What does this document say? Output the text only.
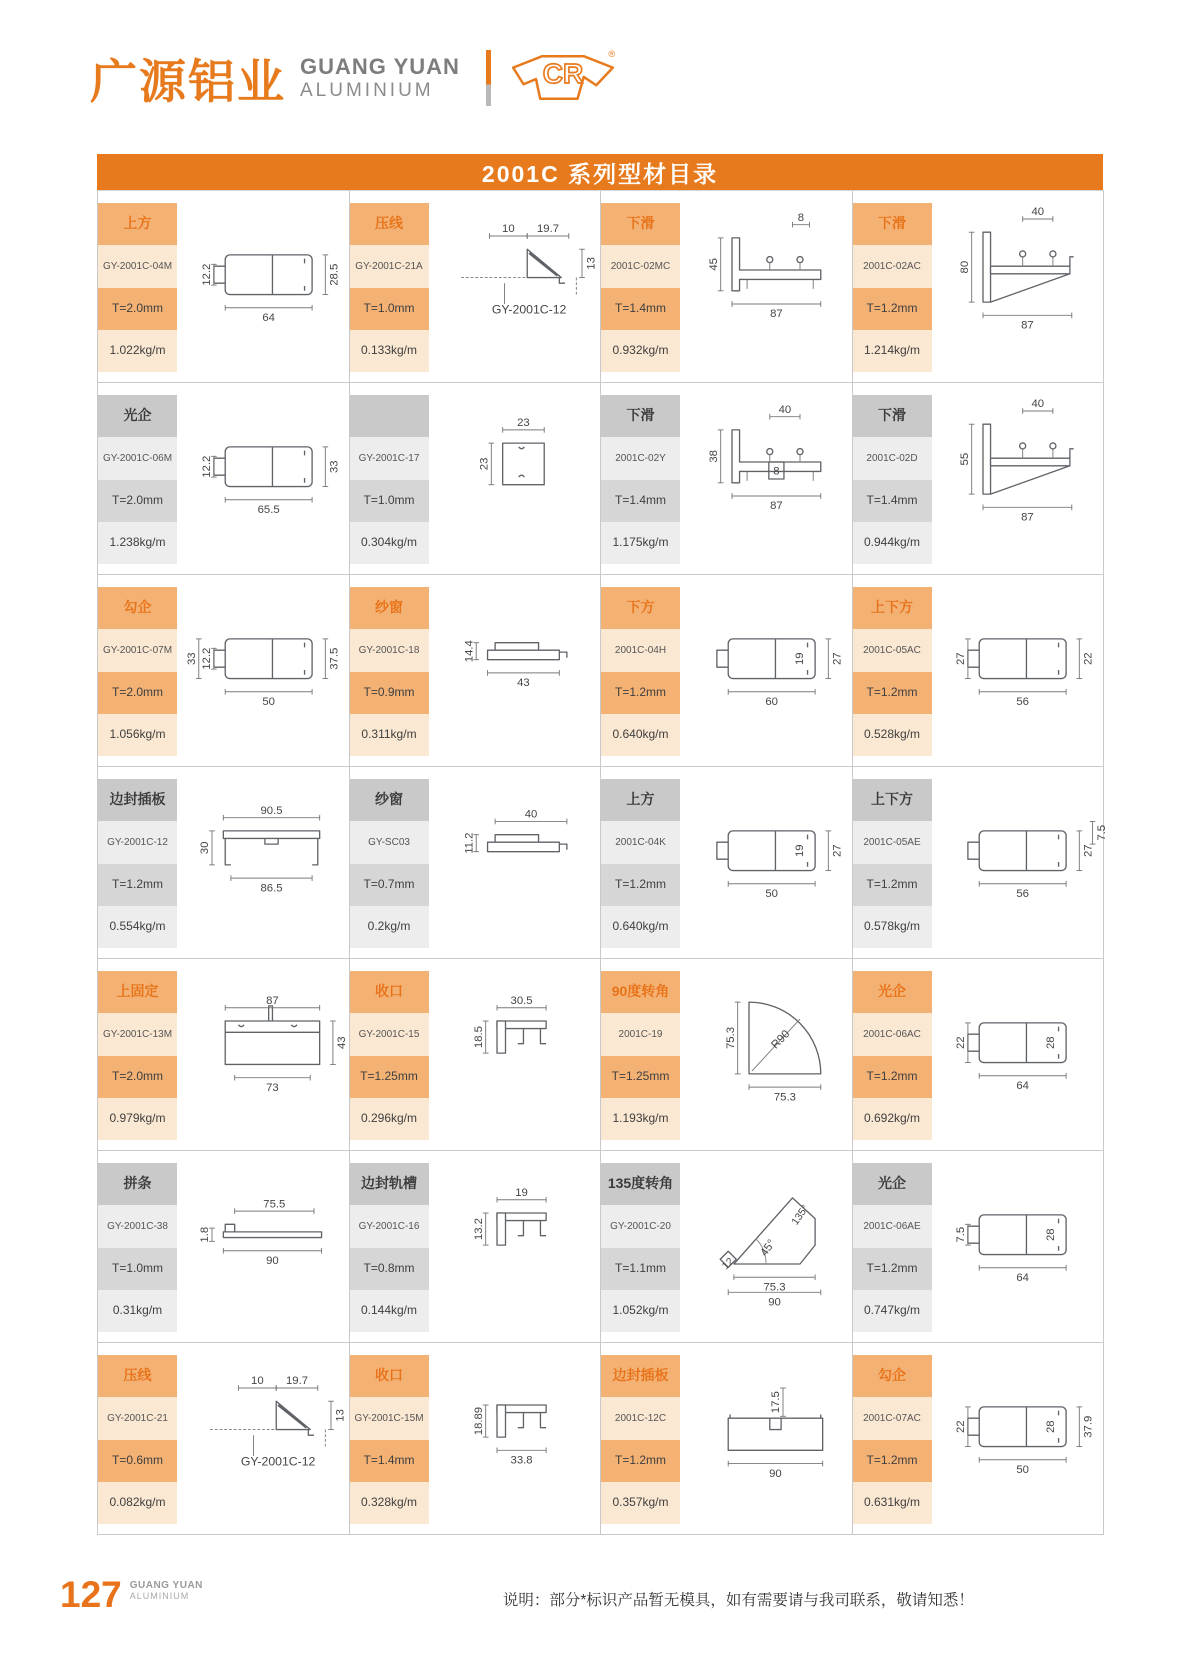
广源铝业 GUANG YUAN
ALUMINIUM
CR
®
2001C 系列型材目录
上方
GY-2001C-04M
T=2.0mm
1.022kg/m
12.2
64
28.5
压线
GY-2001C-21A
T=1.0mm
0.133kg/m
10 19.7
13
GY-2001C-12
下滑
2001C-02MC
T=1.4mm
0.932kg/m
45
8
87
下滑
2001C-02AC
T=1.2mm
1.214kg/m
80
40
87
光企
GY-2001C-06M
T=2.0mm
1.238kg/m
12.2
65.5
33
GY-2001C-17
T=1.0mm
0.304kg/m
23
23
下滑
2001C-02Y
T=1.4mm
1.175kg/m
38
40
8
87
下滑
2001C-02D
T=1.4mm
0.944kg/m
55
40
87
勾企
GY-2001C-07M
T=2.0mm
1.056kg/m
33 12.2	37.5
50
纱窗
GY-2001C-18
T=0.9mm
0.311kg/m
14.4
43
下方
2001C-04H
T=1.2mm
0.640kg/m
19 27
60
上下方
2001C-05AC
T=1.2mm
0.528kg/m
27	22
56
边封插板
GY-2001C-12
T=1.2mm
0.554kg/m
90.5
30
86.5
纱窗
GY-SC03
T=0.7mm
0.2kg/m
40
11.2
上方
2001C-04K
T=1.2mm
0.640kg/m
19 27
50
上下方
2001C-05AE
T=1.2mm
0.578kg/m
7.5
27
56
上固定
GY-2001C-13M
T=2.0mm
0.979kg/m
87
43
73
收口
GY-2001C-15
T=1.25mm
0.296kg/m
30.5
18.5
90度转角
2001C-19
T=1.25mm
1.193kg/m
75.3	R90
75.3
光企
2001C-06AC
T=1.2mm
0.692kg/m
22	28
64
拼条
GY-2001C-38
T=1.0mm
0.31kg/m
75.5
1.8
90
边封轨槽
GY-2001C-16
T=0.8mm
0.144kg/m
19
13.2
135度转角
GY-2001C-20
T=1.1mm
1.052kg/m
135°
45°
12
75.3
90
光企
2001C-06AE
T=1.2mm
0.747kg/m
7.5	28
64
压线
GY-2001C-21
T=0.6mm
0.082kg/m
10 19.7
13
GY-2001C-12
收口
GY-2001C-15M
T=1.4mm
0.328kg/m
18.89
33.8
边封插板
2001C-12C
T=1.2mm
0.357kg/m
17.5
90
勾企
2001C-07AC
T=1.2mm
0.631kg/m
22	28 37.9
50
127 GUANG YUAN
ALUMINIUM	说明：部分*标识产品暂无模具，如有需要请与我司联系，敬请知悉！
